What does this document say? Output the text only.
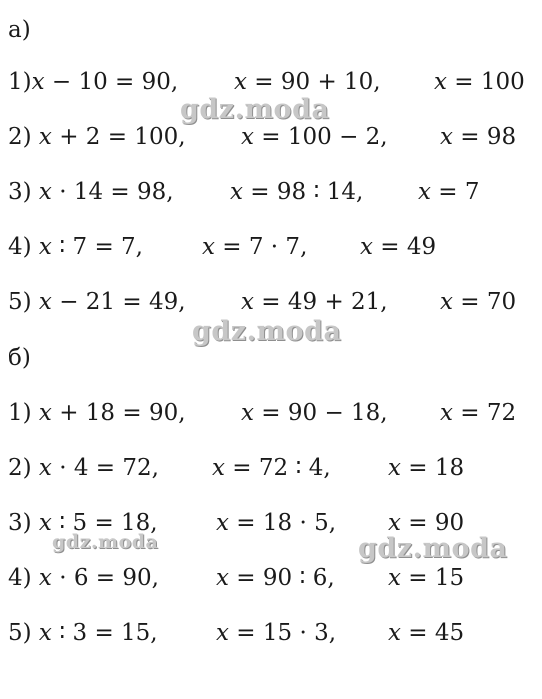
а)
1)𝑥 − 10 = 90, 𝑥 = 90 + 10, 𝑥 = 100
2) 𝑥 + 2 = 100, 𝑥 = 100 − 2, 𝑥 = 98
3) 𝑥 · 14 = 98, 𝑥 = 98 ∶ 14, 𝑥 = 7
4) 𝑥 ∶ 7 = 7,	𝑥 = 7 · 7, 𝑥 = 49
5) 𝑥 − 21 = 49, 𝑥 = 49 + 21, 𝑥 = 70
б)
1) 𝑥 + 18 = 90, 𝑥 = 90 − 18, 𝑥 = 72
2) 𝑥 · 4 = 72, 𝑥 = 72 ∶ 4, 𝑥 = 18
3) 𝑥 ∶ 5 = 18,	𝑥 = 18 · 5, 𝑥 = 90
4) 𝑥 · 6 = 90, 𝑥 = 90 ∶ 6, 𝑥 = 15
5) 𝑥 ∶ 3 = 15,	𝑥 = 15 · 3, 𝑥 = 45
gdz.moda
gdz.moda
gdz.moda	gdz.moda
